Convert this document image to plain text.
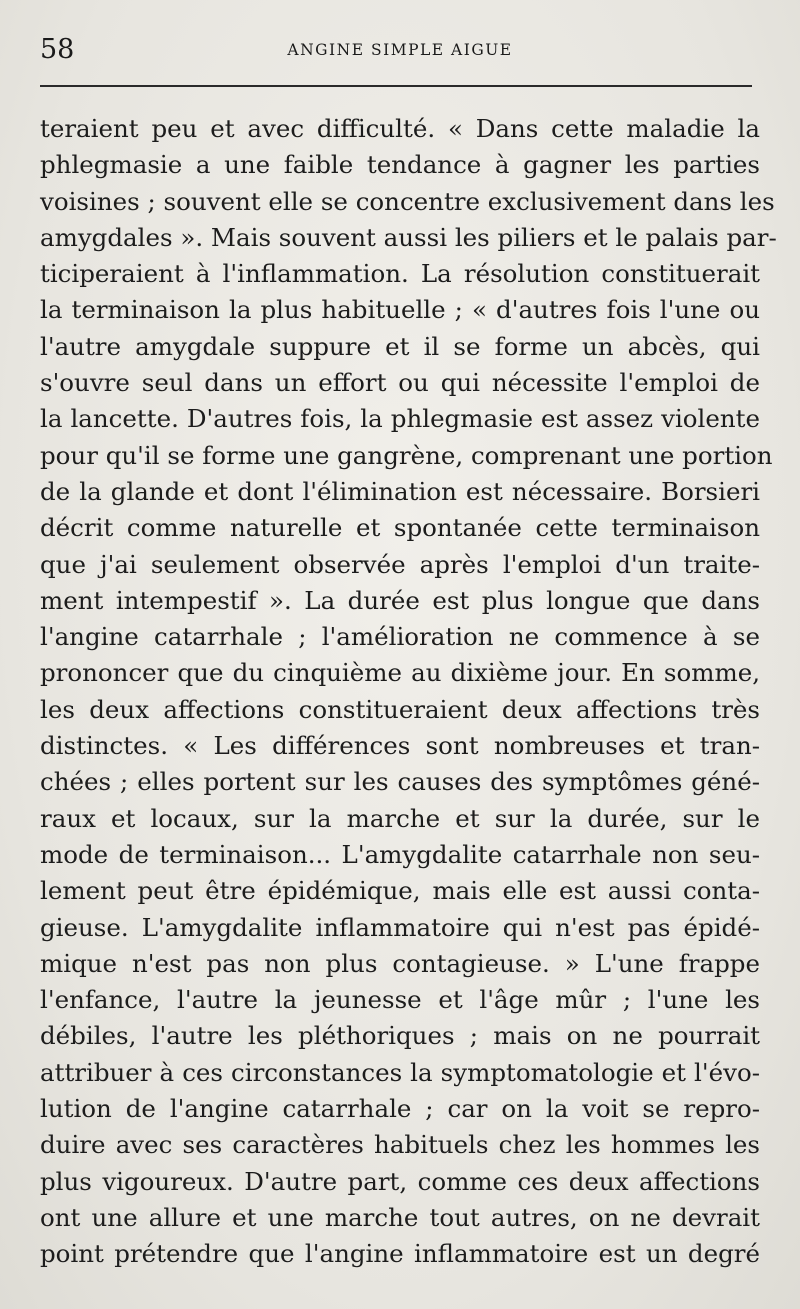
58	ANGINE SIMPLE AIGUE
teraient peu et avec difficulté. « Dans cette maladie la
phlegmasie a une faible tendance à gagner les parties
voisines ; souvent elle se concentre exclusivement dans les
amygdales ». Mais souvent aussi les piliers et le palais par-
ticiperaient à l'inflammation. La résolution constituerait
la terminaison la plus habituelle ; « d'autres fois l'une ou
l'autre amygdale suppure et il se forme un abcès, qui
s'ouvre seul dans un effort ou qui nécessite l'emploi de
la lancette. D'autres fois, la phlegmasie est assez violente
pour qu'il se forme une gangrène, comprenant une portion
de la glande et dont l'élimination est nécessaire. Borsieri
décrit comme naturelle et spontanée cette terminaison
que j'ai seulement observée après l'emploi d'un traite-
ment intempestif ». La durée est plus longue que dans
l'angine catarrhale ; l'amélioration ne commence à se
prononcer que du cinquième au dixième jour. En somme,
les deux affections constitueraient deux affections très
distinctes. « Les différences sont nombreuses et tran-
chées ; elles portent sur les causes des symptômes géné-
raux et locaux, sur la marche et sur la durée, sur le
mode de terminaison... L'amygdalite catarrhale non seu-
lement peut être épidémique, mais elle est aussi conta-
gieuse. L'amygdalite inflammatoire qui n'est pas épidé-
mique n'est pas non plus contagieuse. » L'une frappe
l'enfance, l'autre la jeunesse et l'âge mûr ; l'une les
débiles, l'autre les pléthoriques ; mais on ne pourrait
attribuer à ces circonstances la symptomatologie et l'évo-
lution de l'angine catarrhale ; car on la voit se repro-
duire avec ses caractères habituels chez les hommes les
plus vigoureux. D'autre part, comme ces deux affections
ont une allure et une marche tout autres, on ne devrait
point prétendre que l'angine inflammatoire est un degré
